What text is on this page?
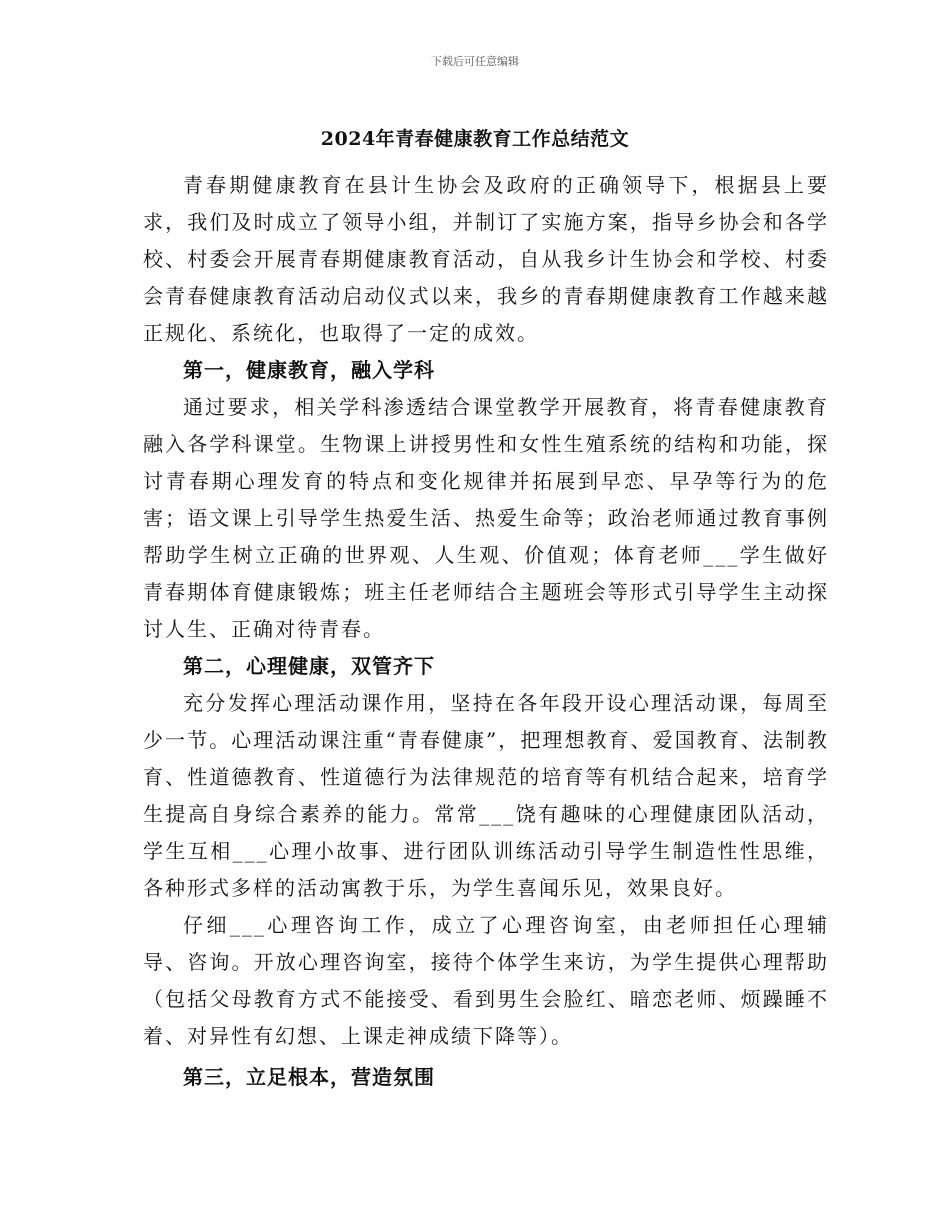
下载后可任意编辑
2024年青春健康教育工作总结范文

青春期健康教育在县计生协会及政府的正确领导下，根据县上要求，我们及时成立了领导小组，并制订了实施方案，指导乡协会和各学校、村委会开展青春期健康教育活动，自从我乡计生协会和学校、村委会青春健康教育活动启动仪式以来，我乡的青春期健康教育工作越来越正规化、系统化，也取得了一定的成效。

第一，健康教育，融入学科

通过要求，相关学科渗透结合课堂教学开展教育，将青春健康教育融入各学科课堂。生物课上讲授男性和女性生殖系统的结构和功能，探讨青春期心理发育的特点和变化规律并拓展到早恋、早孕等行为的危害；语文课上引导学生热爱生活、热爱生命等；政治老师通过教育事例帮助学生树立正确的世界观、人生观、价值观；体育老师___学生做好青春期体育健康锻炼；班主任老师结合主题班会等形式引导学生主动探讨人生、正确对待青春。

第二，心理健康，双管齐下

充分发挥心理活动课作用，坚持在各年段开设心理活动课，每周至少一节。心理活动课注重“青春健康”，把理想教育、爱国教育、法制教育、性道德教育、性道德行为法律规范的培育等有机结合起来，培育学生提高自身综合素养的能力。常常___饶有趣味的心理健康团队活动，学生互相___心理小故事、进行团队训练活动引导学生制造性性思维，各种形式多样的活动寓教于乐，为学生喜闻乐见，效果良好。

仔细___心理咨询工作，成立了心理咨询室，由老师担任心理辅导、咨询。开放心理咨询室，接待个体学生来访，为学生提供心理帮助（包括父母教育方式不能接受、看到男生会脸红、暗恋老师、烦躁睡不着、对异性有幻想、上课走神成绩下降等）。

第三，立足根本，营造氛围
